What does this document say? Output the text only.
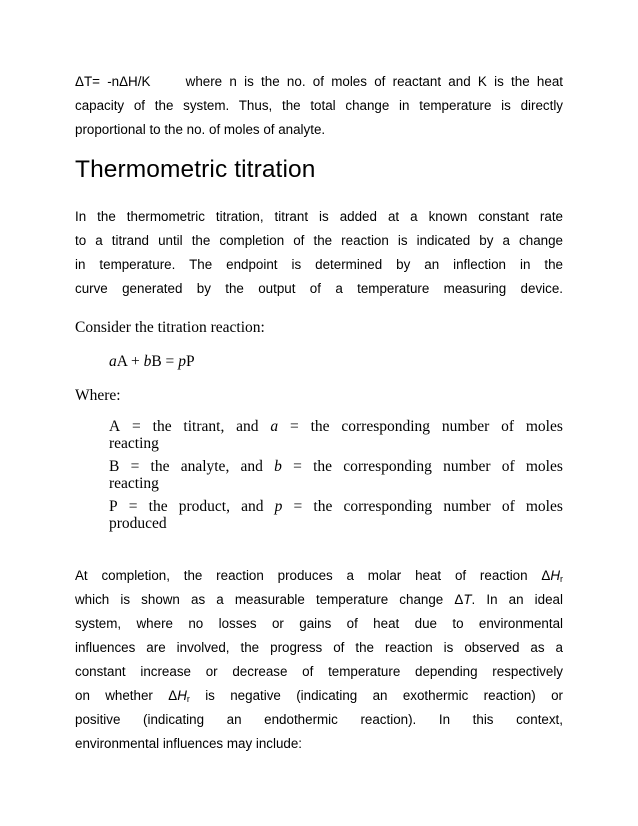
ΔT= -nΔH/K	where n is the no. of moles of reactant and K is the heat
capacity of the system. Thus, the total change in temperature is directly
proportional to the no. of moles of analyte.
Thermometric titration
In the thermometric titration, titrant is added at a known constant rate
to a titrand until the completion of the reaction is indicated by a change
in temperature. The endpoint is determined by an inflection in the
curve generated by the output of a temperature measuring device.

Consider the titration reaction:

aA + bB = pP

Where:

A = the titrant, and a = the corresponding number of moles
reacting
B = the analyte, and b = the corresponding number of moles
reacting
P = the product, and p = the corresponding number of moles
produced
At completion, the reaction produces a molar heat of reaction $\Delta H_r$
which is shown as a measurable temperature change ΔT. In an ideal
system, where no losses or gains of heat due to environmental
influences are involved, the progress of the reaction is observed as a
constant increase or decrease of temperature depending respectively
on whether $\Delta H_r$ is negative (indicating an exothermic reaction) or
positive (indicating an endothermic reaction). In this context,
environmental influences may include:
